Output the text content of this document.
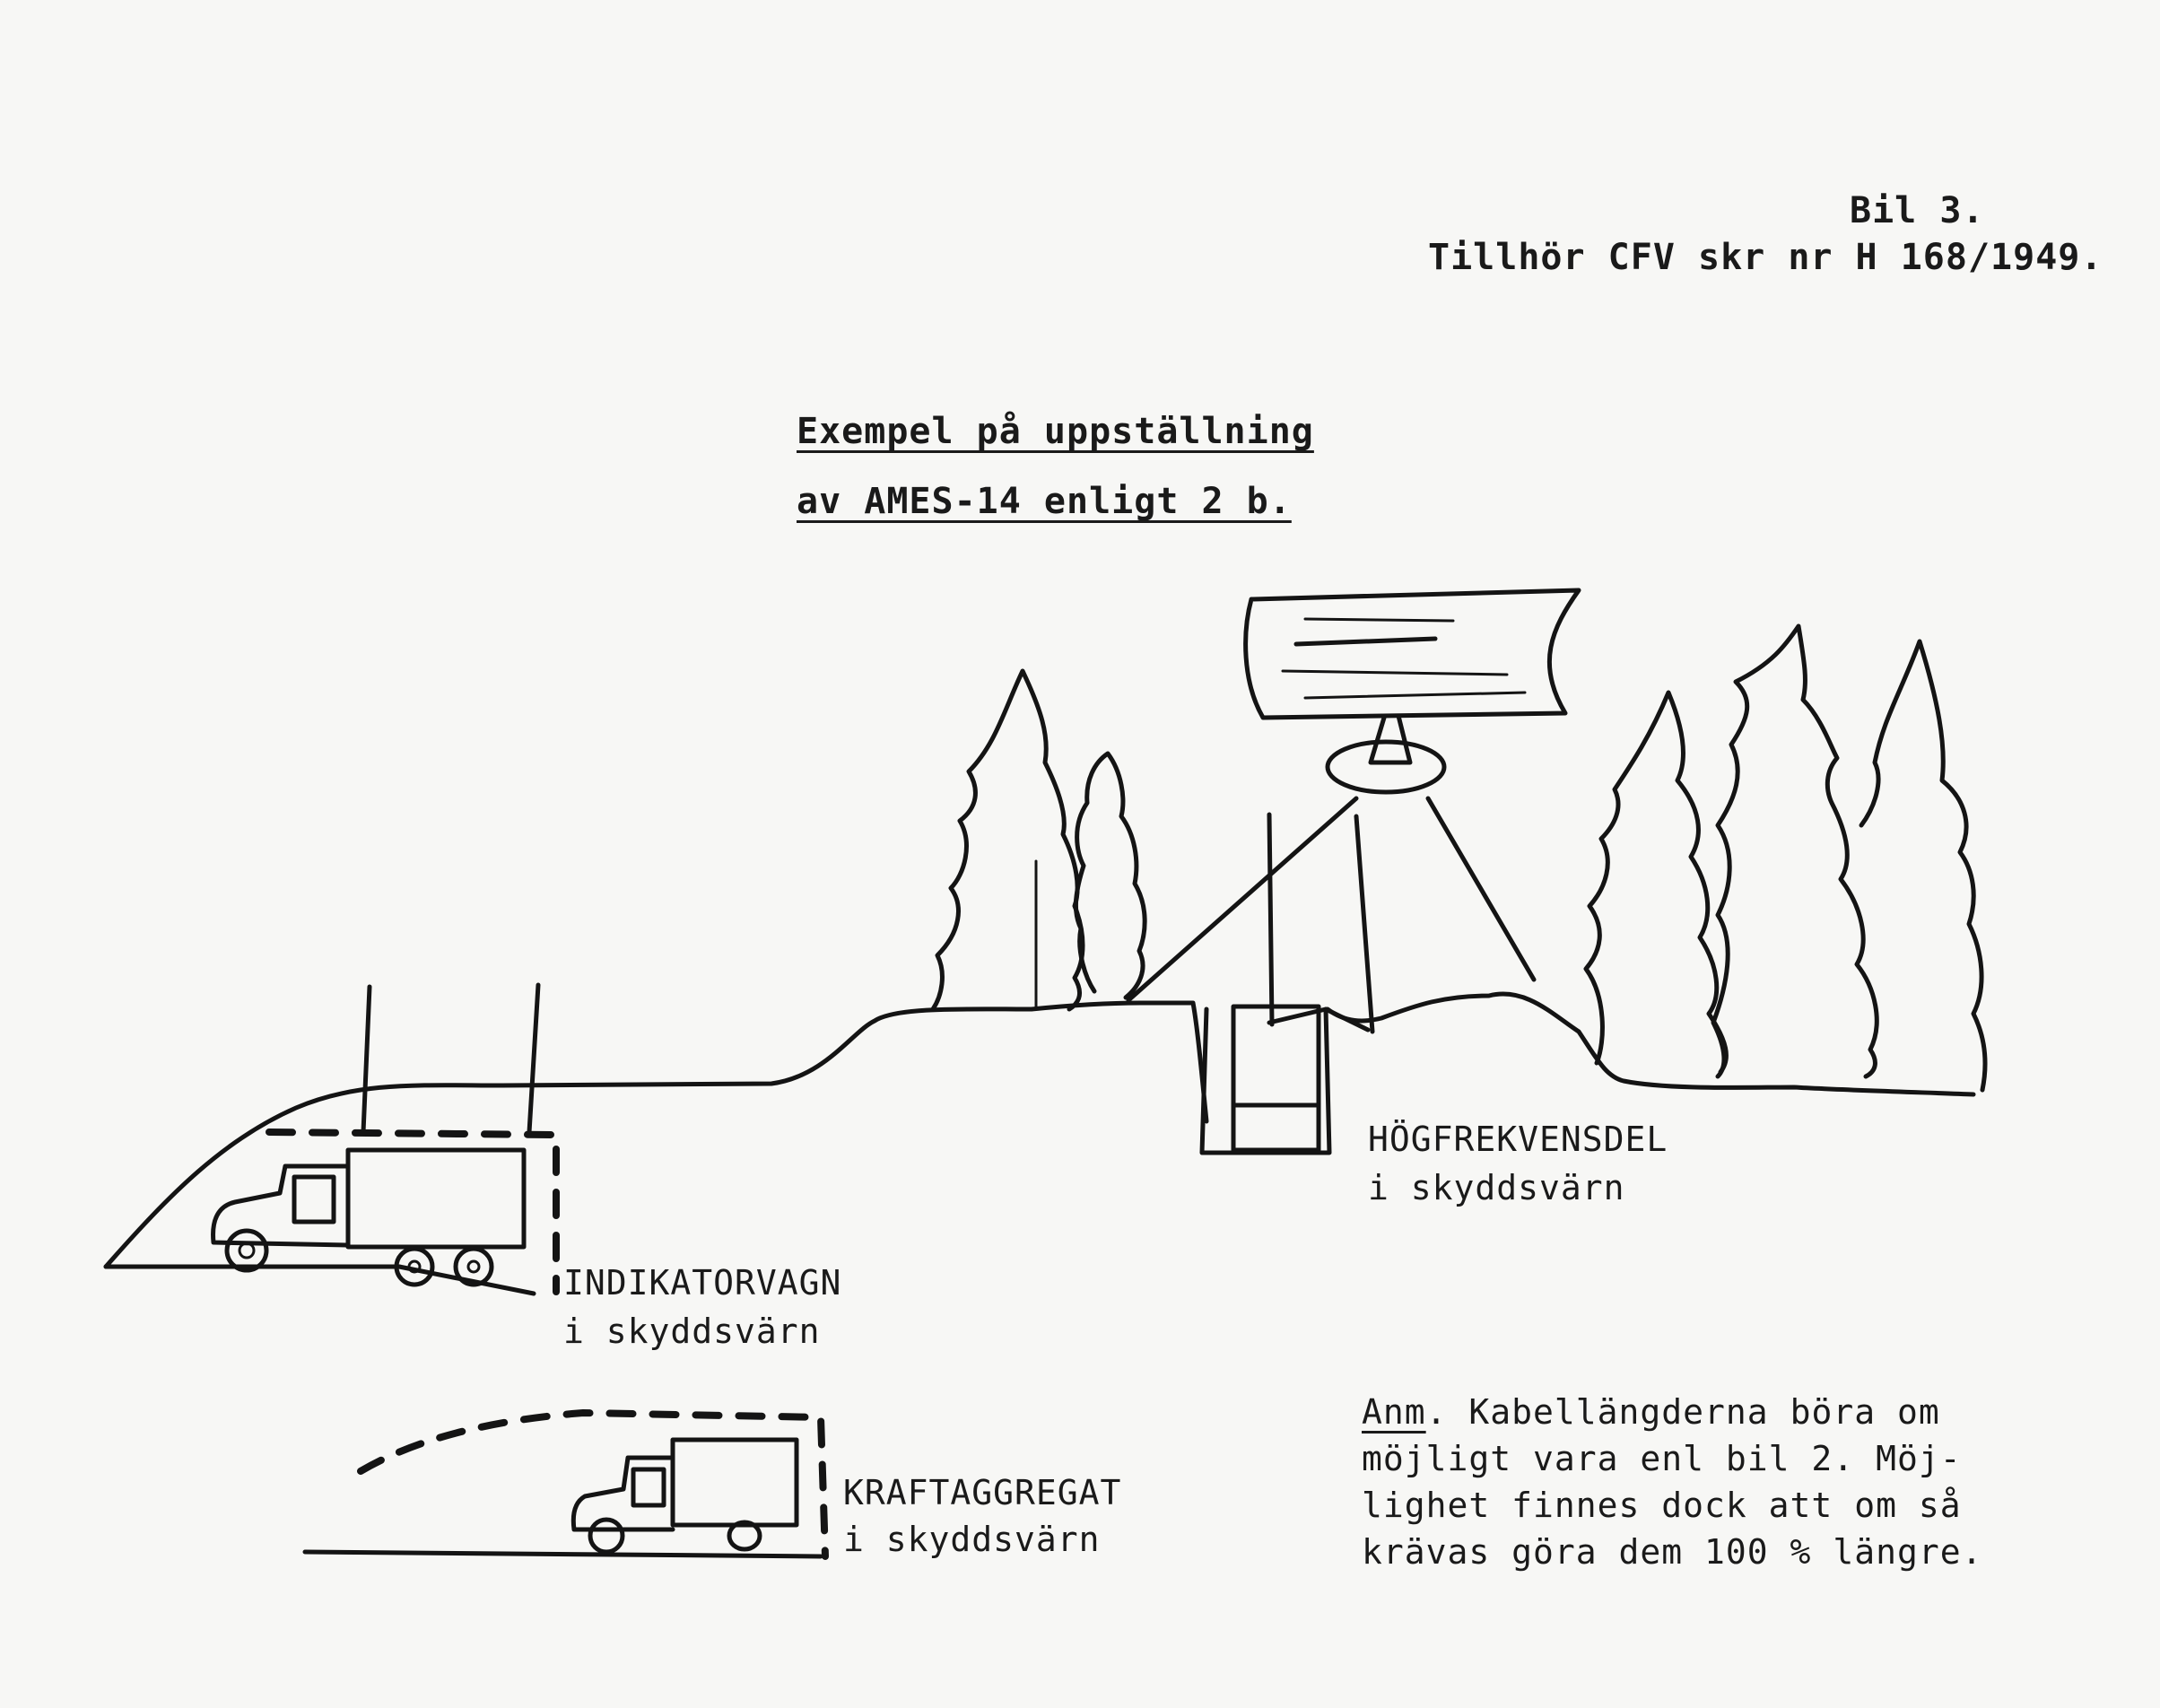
Bil 3.
Tillhör CFV skr nr H 168/1949.
Exempel på uppställning
av AMES-14 enligt 2 b.
HÖGFREKVENSDEL
i skyddsvärn
INDIKATORVAGN
i skyddsvärn
KRAFTAGGREGAT
i skyddsvärn
Anm. Kabellängderna böra om
möjligt vara enl bil 2. Möj-
lighet finnes dock att om så
krävas göra dem 100 % längre.
